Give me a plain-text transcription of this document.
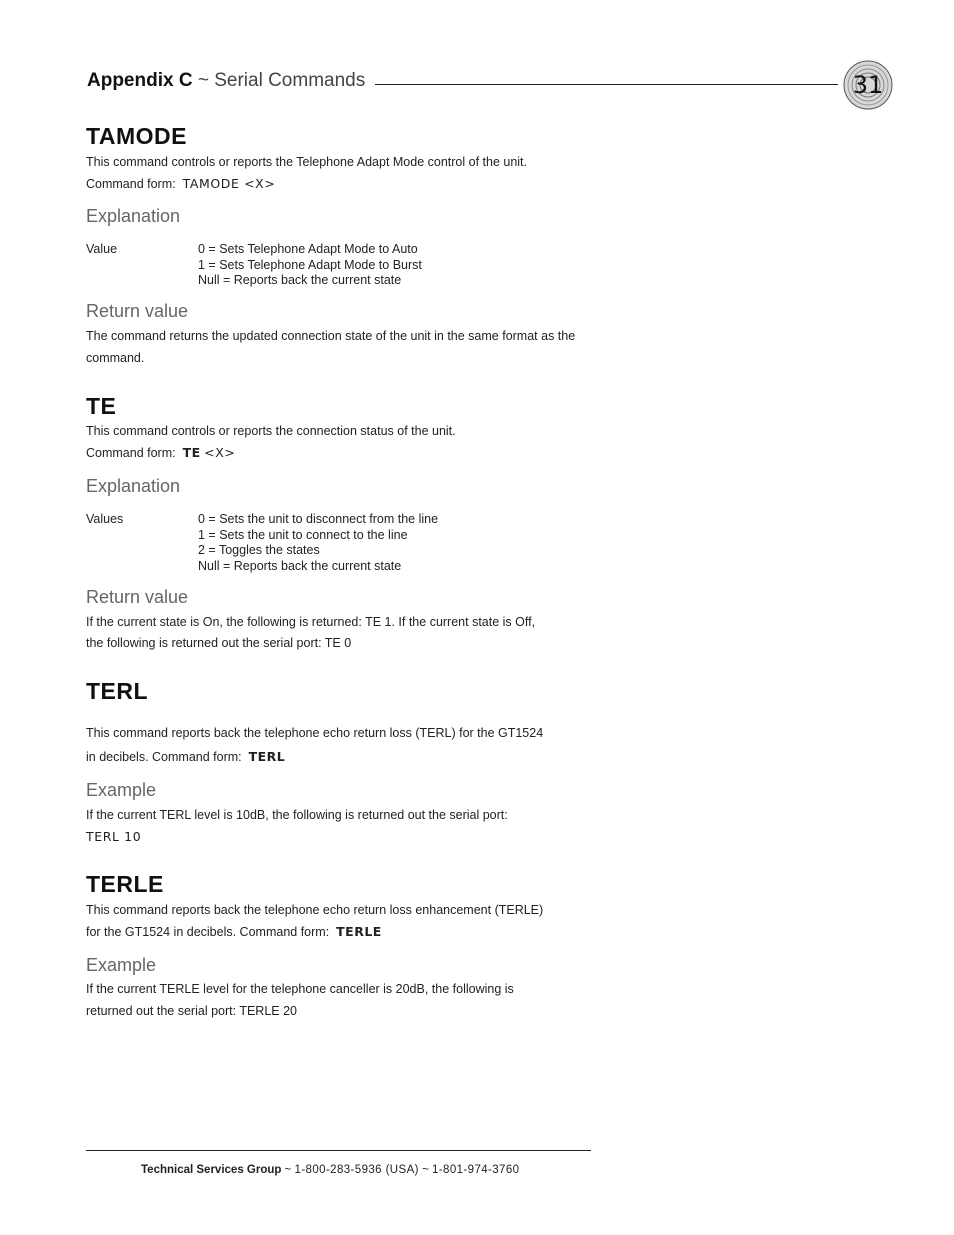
Appendix C ~ Serial Commands	31
TAMODE
This command controls or reports the Telephone Adapt Mode control of the unit.
Command form: TAMODE <X>
Explanation
Value	0 = Sets Telephone Adapt Mode to Auto
1 = Sets Telephone Adapt Mode to Burst
Null = Reports back the current state
Return value
The command returns the updated connection state of the unit in the same format as the command.
TE
This command controls or reports the connection status of the unit.
Command form: TE <X>
Explanation
Values	0 = Sets the unit to disconnect from the line
1 = Sets the unit to connect to the line
2 = Toggles the states
Null = Reports back the current state
Return value
If the current state is On, the following is returned: TE 1. If the current state is Off,
the following is returned out the serial port: TE 0
TERL
This command reports back the telephone echo return loss (TERL) for the GT1524
in decibels. Command form: TERL
Example
If the current TERL level is 10dB, the following is returned out the serial port:
TERL 10
TERLE
This command reports back the telephone echo return loss enhancement (TERLE)
for the GT1524 in decibels. Command form: TERLE
Example
If the current TERLE level for the telephone canceller is 20dB, the following is
returned out the serial port: TERLE 20
Technical Services Group ~ 1-800-283-5936 (USA) ~ 1-801-974-3760
